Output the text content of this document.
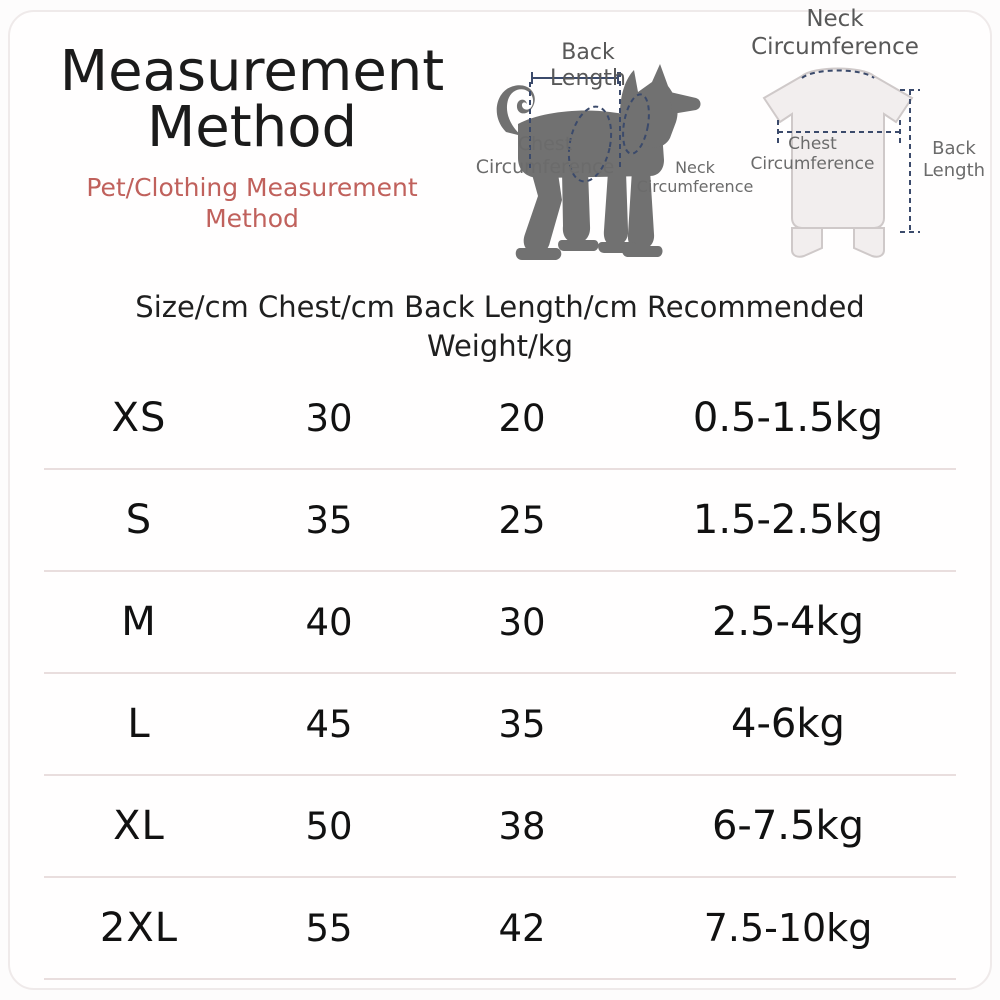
Measurement
Method
Pet/Clothing Measurement
Method
Back
Length
Chest
Circumference	Neck
Circumference
Neck
Circumference
Chest
Circumference
Back
Length
Size/cm Chest/cm Back Length/cm Recommended
Weight/kg
XS	30	20	0.5-1.5kg
S	35	25	1.5-2.5kg
M	40	30	2.5-4kg
L	45	35	4-6kg
XL	50	38	6-7.5kg
2XL	55	42	7.5-10kg
